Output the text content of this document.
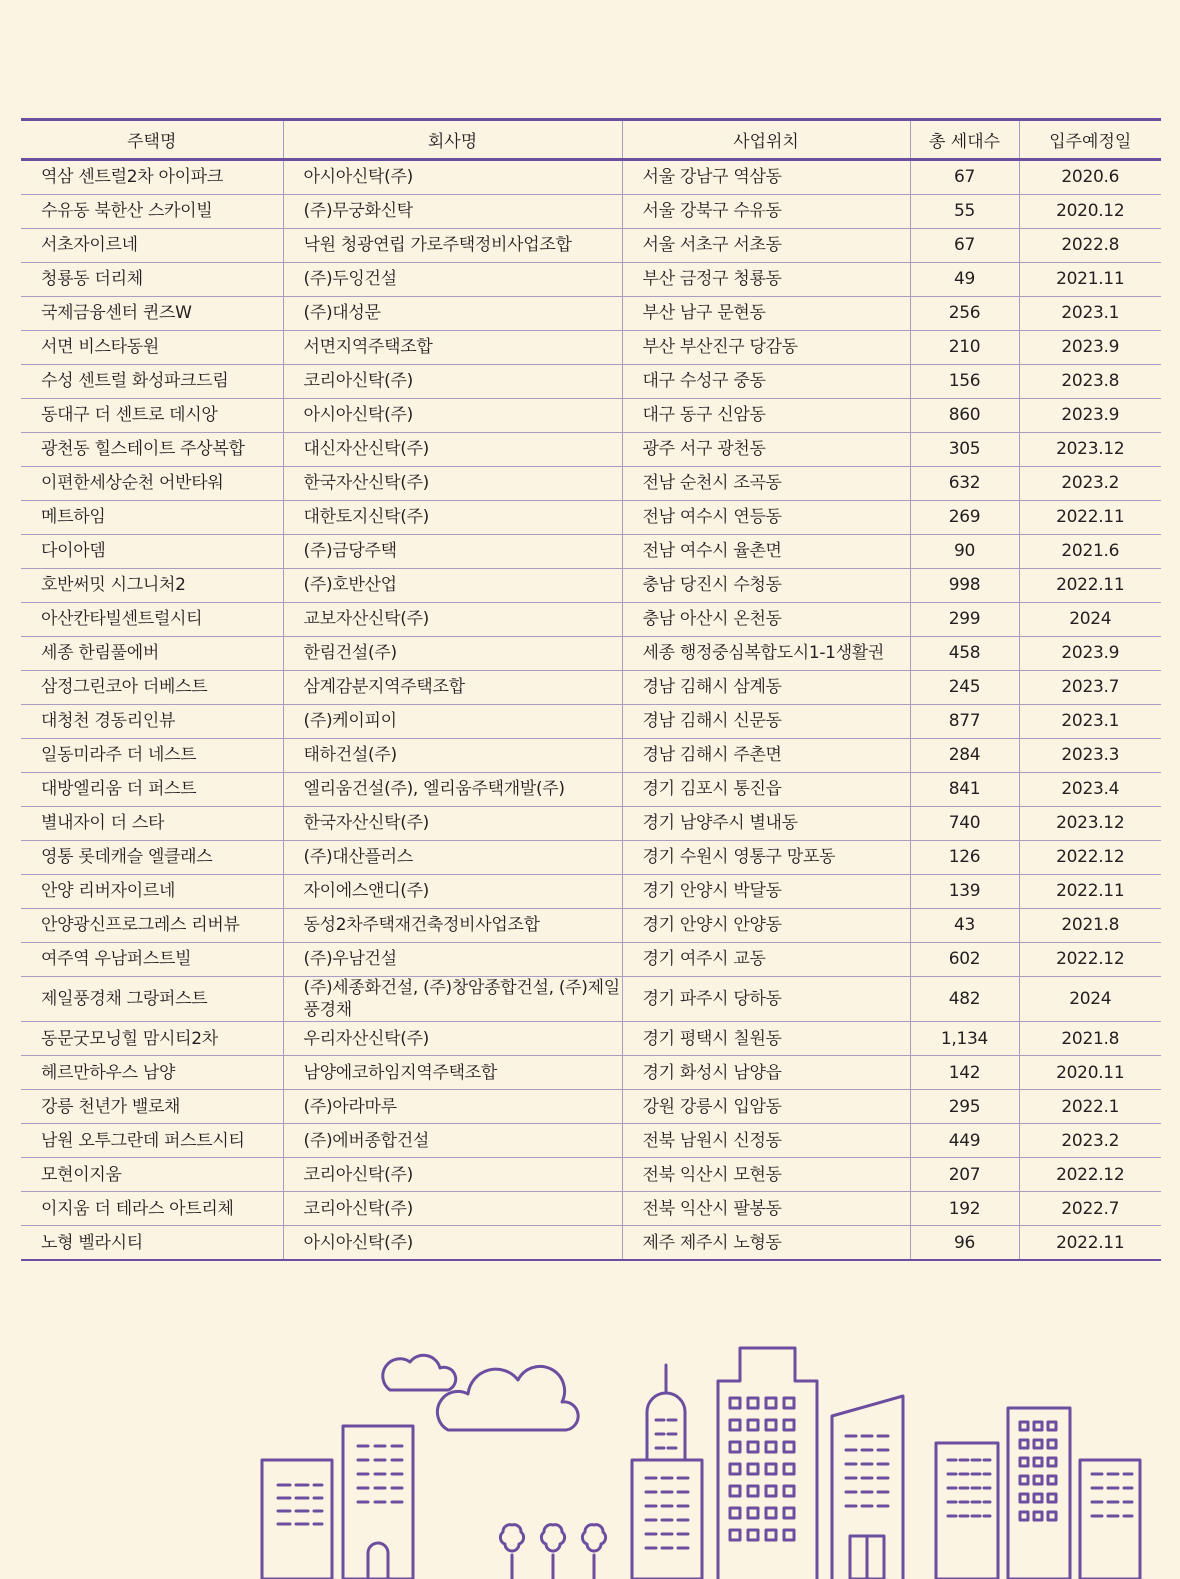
주택명	회사명	사업위치	총 세대수	입주예정일
역삼 센트럴2차 아이파크	아시아신탁(주)	서울 강남구 역삼동	67	2020.6
수유동 북한산 스카이빌	(주)무궁화신탁	서울 강북구 수유동	55	2020.12
서초자이르네	낙원 청광연립 가로주택정비사업조합	서울 서초구 서초동	67	2022.8
청룡동 더리체	(주)두잉건설	부산 금정구 청룡동	49	2021.11
국제금융센터 퀸즈W	(주)대성문	부산 남구 문현동	256	2023.1
서면 비스타동원	서면지역주택조합	부산 부산진구 당감동	210	2023.9
수성 센트럴 화성파크드림	코리아신탁(주)	대구 수성구 중동	156	2023.8
동대구 더 센트로 데시앙	아시아신탁(주)	대구 동구 신암동	860	2023.9
광천동 힐스테이트 주상복합	대신자산신탁(주)	광주 서구 광천동	305	2023.12
이편한세상순천 어반타워	한국자산신탁(주)	전남 순천시 조곡동	632	2023.2
메트하임	대한토지신탁(주)	전남 여수시 연등동	269	2022.11
다이아뎀	(주)금당주택	전남 여수시 율촌면	90	2021.6
호반써밋 시그니처2	(주)호반산업	충남 당진시 수청동	998	2022.11
아산칸타빌센트럴시티	교보자산신탁(주)	충남 아산시 온천동	299	2024
세종 한림풀에버	한림건설(주)	세종 행정중심복합도시1-1생활권	458	2023.9
삼정그린코아 더베스트	삼계감분지역주택조합	경남 김해시 삼계동	245	2023.7
대청천 경동리인뷰	(주)케이피이	경남 김해시 신문동	877	2023.1
일동미라주 더 네스트	태하건설(주)	경남 김해시 주촌면	284	2023.3
대방엘리움 더 퍼스트	엘리움건설(주), 엘리움주택개발(주)	경기 김포시 통진읍	841	2023.4
별내자이 더 스타	한국자산신탁(주)	경기 남양주시 별내동	740	2023.12
영통 롯데캐슬 엘클래스	(주)대산플러스	경기 수원시 영통구 망포동	126	2022.12
안양 리버자이르네	자이에스앤디(주)	경기 안양시 박달동	139	2022.11
안양광신프로그레스 리버뷰	동성2차주택재건축정비사업조합	경기 안양시 안양동	43	2021.8
여주역 우남퍼스트빌	(주)우남건설	경기 여주시 교동	602	2022.12
제일풍경채 그랑퍼스트	(주)세종화건설, (주)창암종합건설, (주)제일풍경채	경기 파주시 당하동	482	2024
동문굿모닝힐 맘시티2차	우리자산신탁(주)	경기 평택시 칠원동	1,134	2021.8
헤르만하우스 남양	남양에코하임지역주택조합	경기 화성시 남양읍	142	2020.11
강릉 천년가 밸로채	(주)아라마루	강원 강릉시 입암동	295	2022.1
남원 오투그란데 퍼스트시티	(주)에버종합건설	전북 남원시 신정동	449	2023.2
모현이지움	코리아신탁(주)	전북 익산시 모현동	207	2022.12
이지움 더 테라스 아트리체	코리아신탁(주)	전북 익산시 팔봉동	192	2022.7
노형 벨라시티	아시아신탁(주)	제주 제주시 노형동	96	2022.11
